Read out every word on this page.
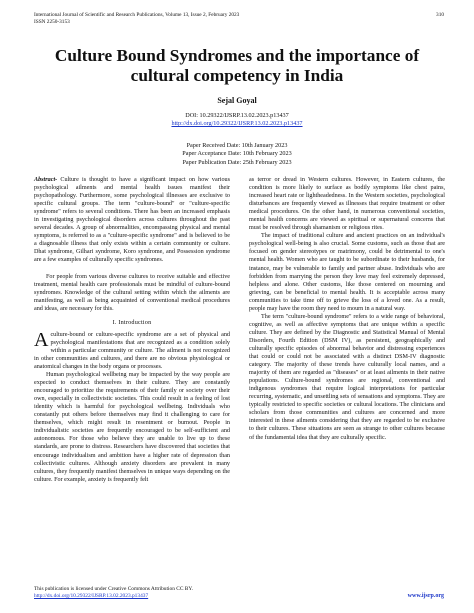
International Journal of Scientific and Research Publications, Volume 13, Issue 2, February 2023
ISSN 2250-3153
310
Culture Bound Syndromes and the importance of cultural competency in India
Sejal Goyal
DOI: 10.29322/IJSRP.13.02.2023.p13437
http://dx.doi.org/10.29322/IJSRP.13.02.2023.p13437
Paper Received Date: 10th January 2023
Paper Acceptance Date: 10th February 2023
Paper Publication Date: 25th February 2023

Abstract- Culture is thought to have a significant impact on how various psychological ailments and mental health issues manifest their psychopathology. Furthermore, some psychological illnesses are exclusive to specific cultural groups. The term "culture-bound" or "culture-specific syndrome" refers to several conditions. There has been an increased emphasis in investigating psychological disorders across cultures throughout the past several decades. A group of abnormalities, encompassing physical and mental symptoms, is referred to as a "culture-specific syndrome" and is believed to be a diagnosable illness that only exists within a certain community or culture. Dhat syndrome, Gilhari syndrome, Koro syndrome, and Possession syndrome are a few examples of culturally specific syndromes.

For people from various diverse cultures to receive suitable and effective treatment, mental health care professionals must be mindful of culture-bound syndromes. Knowledge of the cultural setting within which the ailments are manifesting, as well as being acquainted of conventional medical procedures and ideas, are necessary for this.

I. Introduction

A culture-bound or culture-specific syndrome are a set of physical and psychological manifestations that are recognized as a condition solely within a particular community or culture. The ailment is not recognized in other communities and cultures, and there are no obvious physiological or anatomical changes in the body organs or processes.

Human psychological wellbeing may be impacted by the way people are expected to conduct themselves in their culture. They are constantly encouraged to prioritize the requirements of their family or society over their own, especially in collectivistic societies. This could result in a feeling of lost identity which is harmful for psychological wellbeing. Individuals who constantly put others before themselves may find it challenging to care for themselves, which might result in resentment or burnout. People in individualistic societies are frequently encouraged to be self-sufficient and autonomous. For those who believe they are unable to live up to these standards, are prone to distress. Researchers have discovered that societies that encourage individualism and ambition have a higher rate of depression than collectivistic cultures. Although anxiety disorders are prevalent in many cultures, they frequently manifest themselves in unique ways depending on the culture. For example, anxiety is frequently felt

as terror or dread in Western cultures. However, in Eastern cultures, the condition is more likely to surface as bodily symptoms like chest pains, increased heart rate or lightheadedness. In the Western societies, psychological disturbances are frequently viewed as illnesses that require treatment or other medical procedures. On the other hand, in numerous conventional societies, mental health concerns are viewed as spiritual or supernatural concerns that must be resolved through shamanism or religious rites.

The impact of traditional culture and ancient practices on an individual's psychological well-being is also crucial. Some customs, such as those that are focused on gender stereotypes or matrimony, could be detrimental to one's mental health. Women who are taught to be subordinate to their husbands, for instance, may be vulnerable to family and partner abuse. Individuals who are forbidden from marrying the person they love may feel extremely depressed, helpless and alone. Other customs, like those centered on mourning and grieving, can be beneficial to mental health. It is acceptable across many communities to take time off to grieve the loss of a loved one. As a result, people may have the room they need to mourn in a natural way.

The term "culture-bound syndrome" refers to a wide range of behavioral, cognitive, as well as affective symptoms that are unique within a specific culture. They are defined by the Diagnostic and Statistical Manual of Mental Disorders, Fourth Edition (DSM IV), as persistent, geographically and culturally specific episodes of abnormal behavior and distressing experiences that could or could not be associated with a distinct DSM-IV diagnostic category. The majority of these trends have culturally local names, and a majority of them are regarded as "diseases" or at least ailments in their native populations. Culture-bound syndromes are regional, conventional and indigenous syndromes that require logical interpretations for particular recurring, systematic, and unsettling sets of sensations and symptoms. They are typically restricted to specific societies or cultural locations. The clinicians and scholars from those communities and cultures are concerned and more interested in these ailments considering that they are regarded to be exclusive to their cultures. These situations are seen as strange to other cultures because of the fundamental idea that they are culturally specific.

This publication is licensed under Creative Commons Attribution CC BY.
http://dx.doi.org/10.29322/IJSRP.13.02.2023.p13437	www.ijsrp.org
